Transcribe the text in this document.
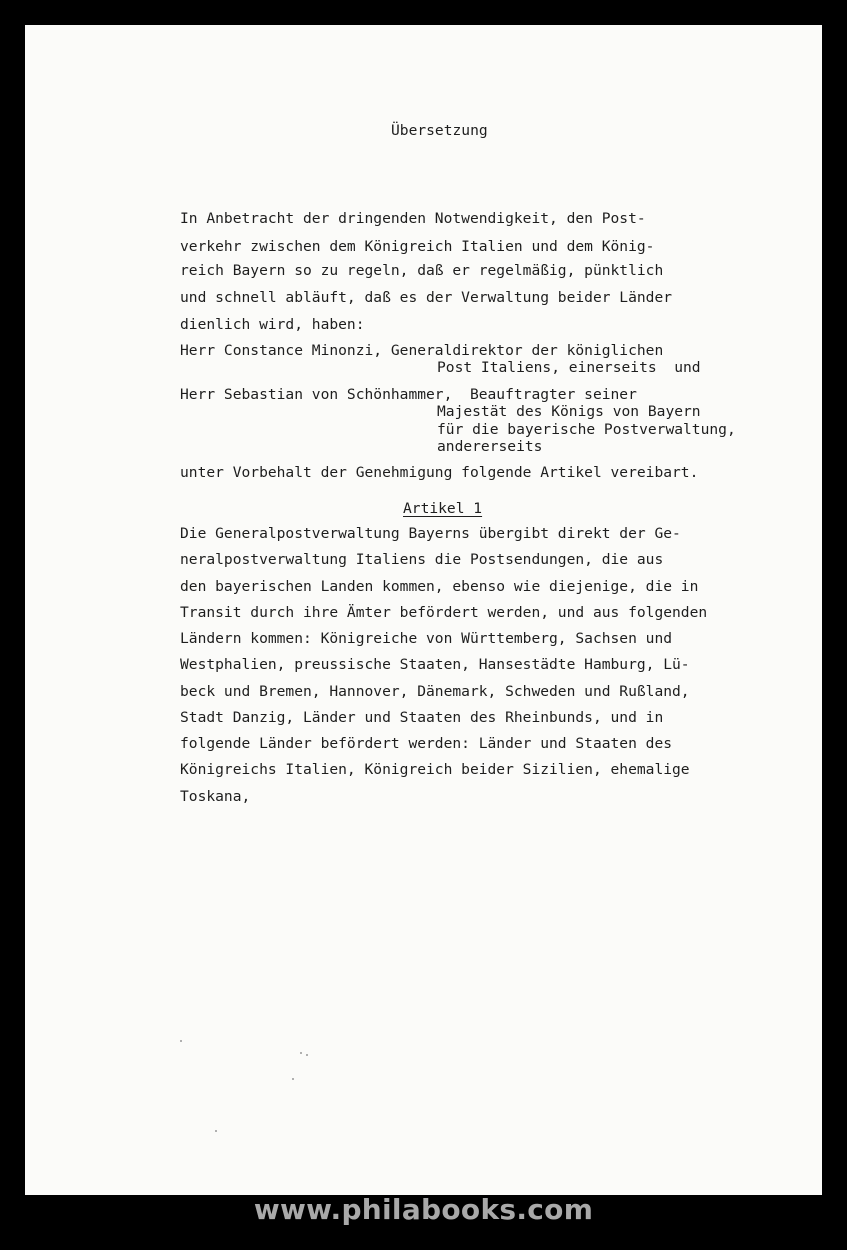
Übersetzung
In Anbetracht der dringenden Notwendigkeit, den Post-
verkehr zwischen dem Königreich Italien und dem König-
reich Bayern so zu regeln, daß er regelmäßig, pünktlich
und schnell abläuft, daß es der Verwaltung beider Länder
dienlich wird, haben:
Herr Constance Minonzi, Generaldirektor der königlichen
Post Italiens, einerseits  und
Herr Sebastian von Schönhammer,  Beauftragter seiner
Majestät des Königs von Bayern
für die bayerische Postverwaltung,
andererseits
unter Vorbehalt der Genehmigung folgende Artikel vereibart.
Artikel 1
Die Generalpostverwaltung Bayerns übergibt direkt der Ge-
neralpostverwaltung Italiens die Postsendungen, die aus
den bayerischen Landen kommen, ebenso wie diejenige, die in
Transit durch ihre Ämter befördert werden, und aus folgenden
Ländern kommen: Königreiche von Württemberg, Sachsen und
Westphalien, preussische Staaten, Hansestädte Hamburg, Lü-
beck und Bremen, Hannover, Dänemark, Schweden und Rußland,
Stadt Danzig, Länder und Staaten des Rheinbunds, und in
folgende Länder befördert werden: Länder und Staaten des
Königreichs Italien, Königreich beider Sizilien, ehemalige
Toskana,
www.philabooks.com
